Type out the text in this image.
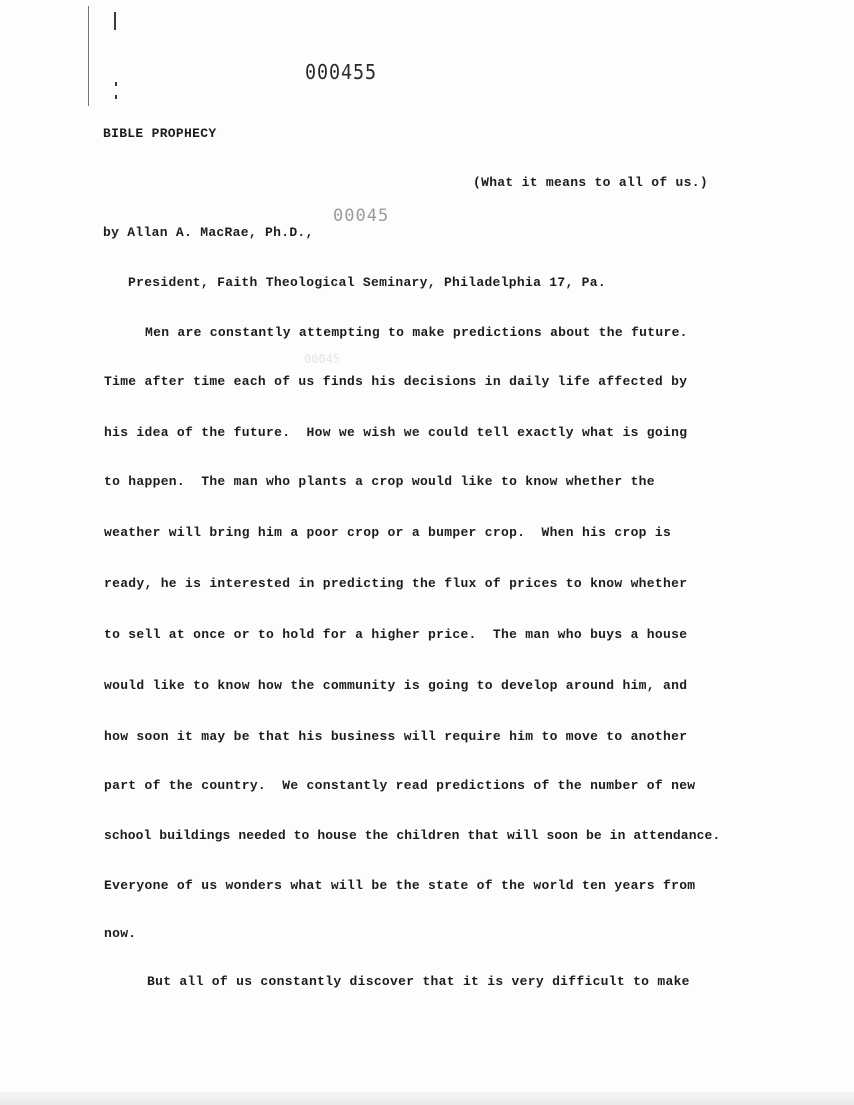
000455
BIBLE PROPHECY
(What it means to all of us.)
by Allan A. MacRae, Ph.D.,
00045
President, Faith Theological Seminary, Philadelphia 17, Pa.
00045
Men are constantly attempting to make predictions about the future.
Time after time each of us finds his decisions in daily life affected by
his idea of the future.  How we wish we could tell exactly what is going
to happen.  The man who plants a crop would like to know whether the
weather will bring him a poor crop or a bumper crop.  When his crop is
ready, he is interested in predicting the flux of prices to know whether
to sell at once or to hold for a higher price.  The man who buys a house
would like to know how the community is going to develop around him, and
how soon it may be that his business will require him to move to another
part of the country.  We constantly read predictions of the number of new
school buildings needed to house the children that will soon be in attendance.
Everyone of us wonders what will be the state of the world ten years from
now.
But all of us constantly discover that it is very difficult to make
